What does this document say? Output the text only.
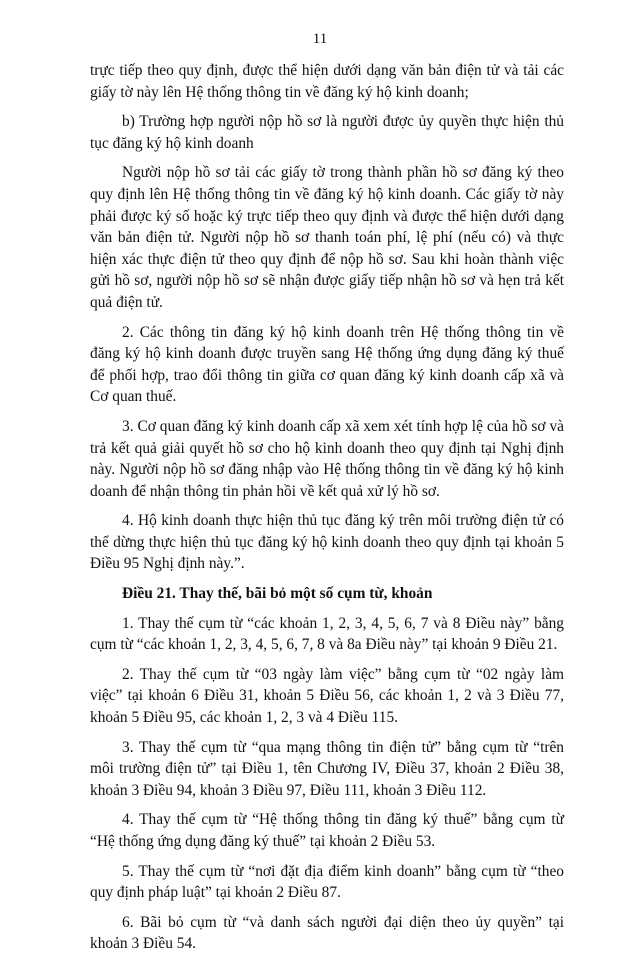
11

trực tiếp theo quy định, được thể hiện dưới dạng văn bản điện tử và tải các giấy tờ này lên Hệ thống thông tin về đăng ký hộ kinh doanh;

b) Trường hợp người nộp hồ sơ là người được ủy quyền thực hiện thủ tục đăng ký hộ kinh doanh

Người nộp hồ sơ tải các giấy tờ trong thành phần hồ sơ đăng ký theo quy định lên Hệ thống thông tin về đăng ký hộ kinh doanh. Các giấy tờ này phải được ký số hoặc ký trực tiếp theo quy định và được thể hiện dưới dạng văn bản điện tử. Người nộp hồ sơ thanh toán phí, lệ phí (nếu có) và thực hiện xác thực điện tử theo quy định để nộp hồ sơ. Sau khi hoàn thành việc gửi hồ sơ, người nộp hồ sơ sẽ nhận được giấy tiếp nhận hồ sơ và hẹn trả kết quả điện tử.

2. Các thông tin đăng ký hộ kinh doanh trên Hệ thống thông tin về đăng ký hộ kinh doanh được truyền sang Hệ thống ứng dụng đăng ký thuế để phối hợp, trao đổi thông tin giữa cơ quan đăng ký kinh doanh cấp xã và Cơ quan thuế.

3. Cơ quan đăng ký kinh doanh cấp xã xem xét tính hợp lệ của hồ sơ và trả kết quả giải quyết hồ sơ cho hộ kinh doanh theo quy định tại Nghị định này. Người nộp hồ sơ đăng nhập vào Hệ thống thông tin về đăng ký hộ kinh doanh để nhận thông tin phản hồi về kết quả xử lý hồ sơ.

4. Hộ kinh doanh thực hiện thủ tục đăng ký trên môi trường điện tử có thể dừng thực hiện thủ tục đăng ký hộ kinh doanh theo quy định tại khoản 5 Điều 95 Nghị định này.”.

Điều 21. Thay thế, bãi bỏ một số cụm từ, khoản

1. Thay thế cụm từ “các khoản 1, 2, 3, 4, 5, 6, 7 và 8 Điều này” bằng cụm từ “các khoản 1, 2, 3, 4, 5, 6, 7, 8 và 8a Điều này” tại khoản 9 Điều 21.

2. Thay thế cụm từ “03 ngày làm việc” bằng cụm từ “02 ngày làm việc” tại khoản 6 Điều 31, khoản 5 Điều 56, các khoản 1, 2 và 3 Điều 77, khoản 5 Điều 95, các khoản 1, 2, 3 và 4 Điều 115.

3. Thay thế cụm từ “qua mạng thông tin điện tử” bằng cụm từ “trên môi trường điện tử” tại Điều 1, tên Chương IV, Điều 37, khoản 2 Điều 38, khoản 3 Điều 94, khoản 3 Điều 97, Điều 111, khoản 3 Điều 112.

4. Thay thế cụm từ “Hệ thống thông tin đăng ký thuế” bằng cụm từ “Hệ thống ứng dụng đăng ký thuế” tại khoản 2 Điều 53.

5. Thay thế cụm từ “nơi đặt địa điểm kinh doanh” bằng cụm từ “theo quy định pháp luật” tại khoản 2 Điều 87.

6. Bãi bỏ cụm từ “và danh sách người đại diện theo ủy quyền” tại khoản 3 Điều 54.
